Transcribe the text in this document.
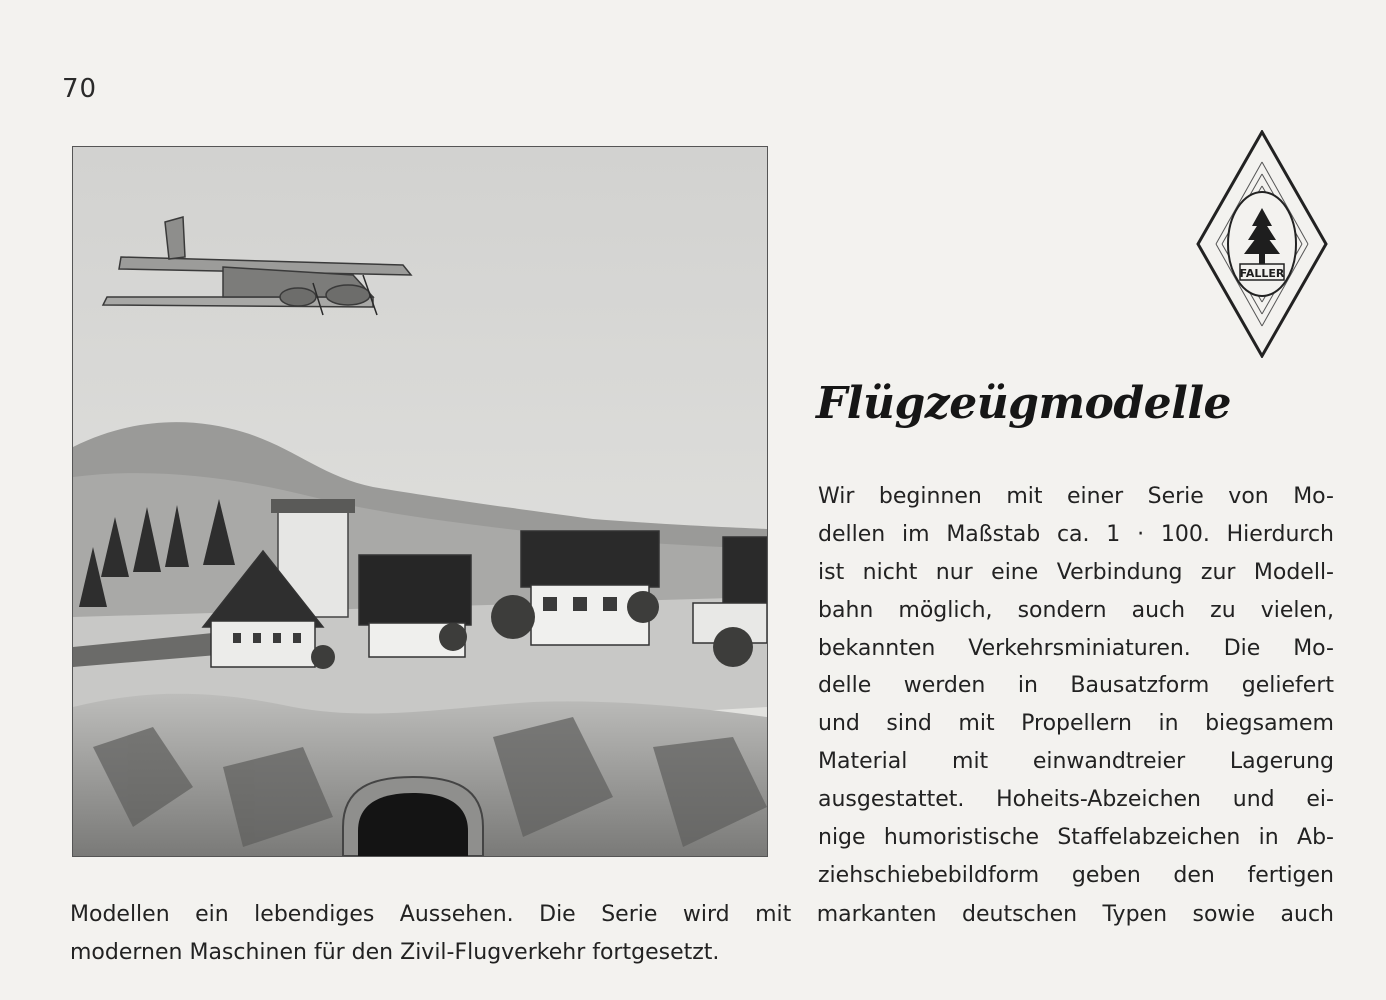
70
FALLER
Flügzeügmodelle
Wir beginnen mit einer Serie von Mo-
dellen im Maßstab ca. 1 · 100. Hierdurch
ist nicht nur eine Verbindung zur Modell-
bahn möglich, sondern auch zu vielen,
bekannten Verkehrsminiaturen. Die Mo-
delle werden in Bausatzform geliefert
und sind mit Propellern in biegsamem
Material mit einwandtreier Lagerung
ausgestattet. Hoheits-Abzeichen und ei-
nige humoristische Staffelabzeichen in Ab-
ziehschiebebildform geben den fertigen
Modellen ein lebendiges Aussehen. Die Serie wird mit markanten deutschen Typen sowie auch
modernen Maschinen für den Zivil-Flugverkehr fortgesetzt.
